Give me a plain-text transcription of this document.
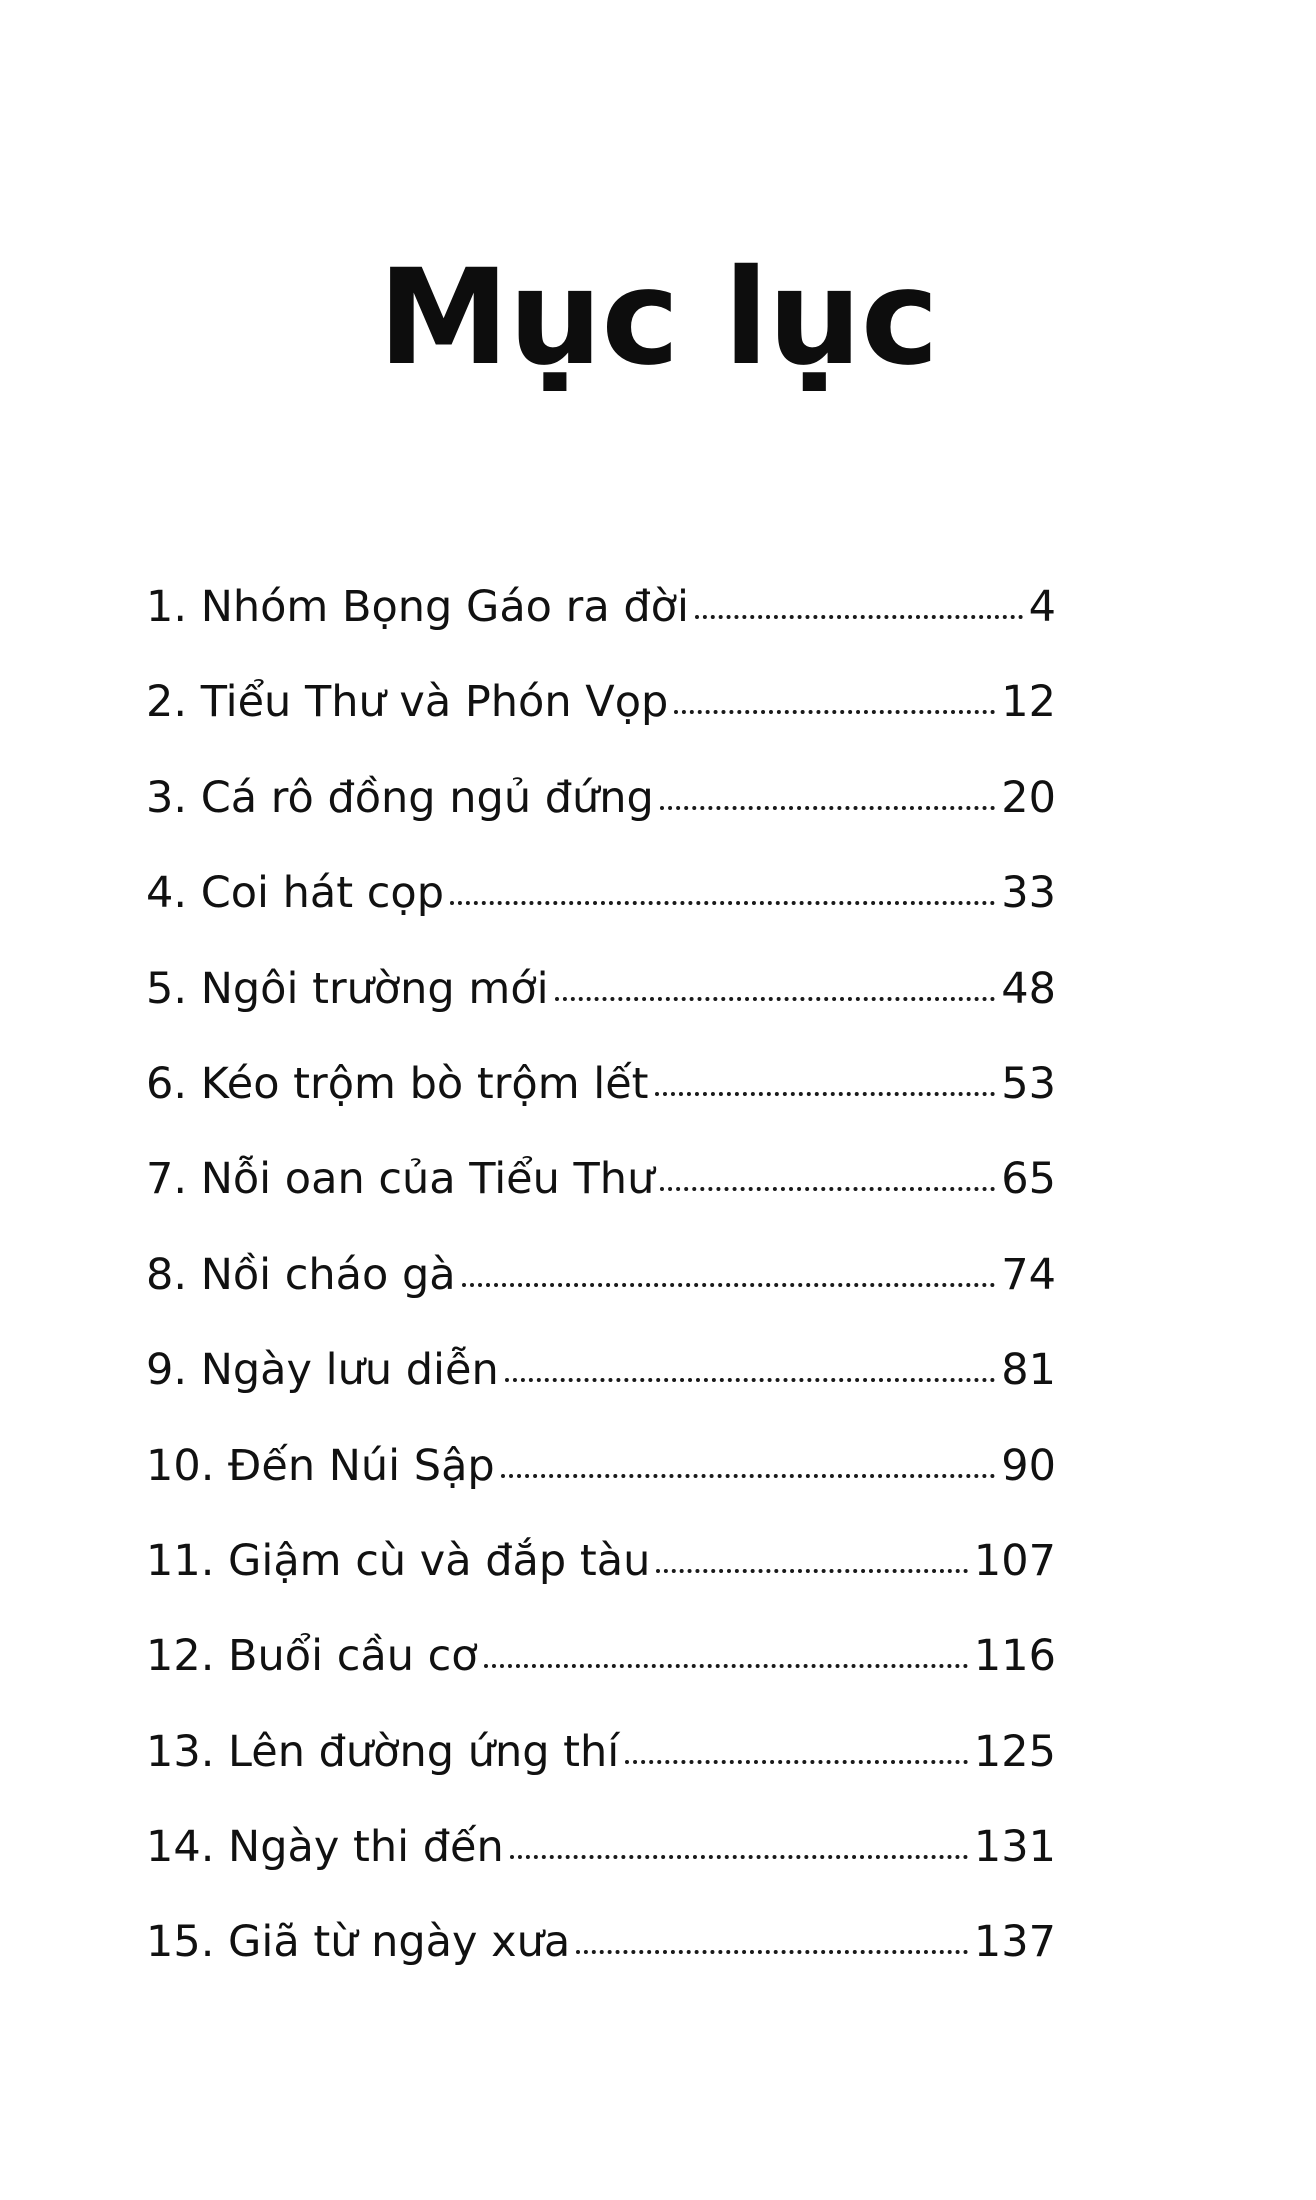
Mục lục
1. Nhóm Bọng Gáo ra đời	4
2. Tiểu Thư và Phón Vọp	12
3. Cá rô đồng ngủ đứng	20
4. Coi hát cọp	33
5. Ngôi trường mới	48
6. Kéo trộm bò trộm lết	53
7. Nỗi oan của Tiểu Thư	65
8. Nồi cháo gà	74
9. Ngày lưu diễn	81
10. Đến Núi Sập	90
11. Giậm cù và đắp tàu	107
12. Buổi cầu cơ	116
13. Lên đường ứng thí	125
14. Ngày thi đến	131
15. Giã từ ngày xưa	137
